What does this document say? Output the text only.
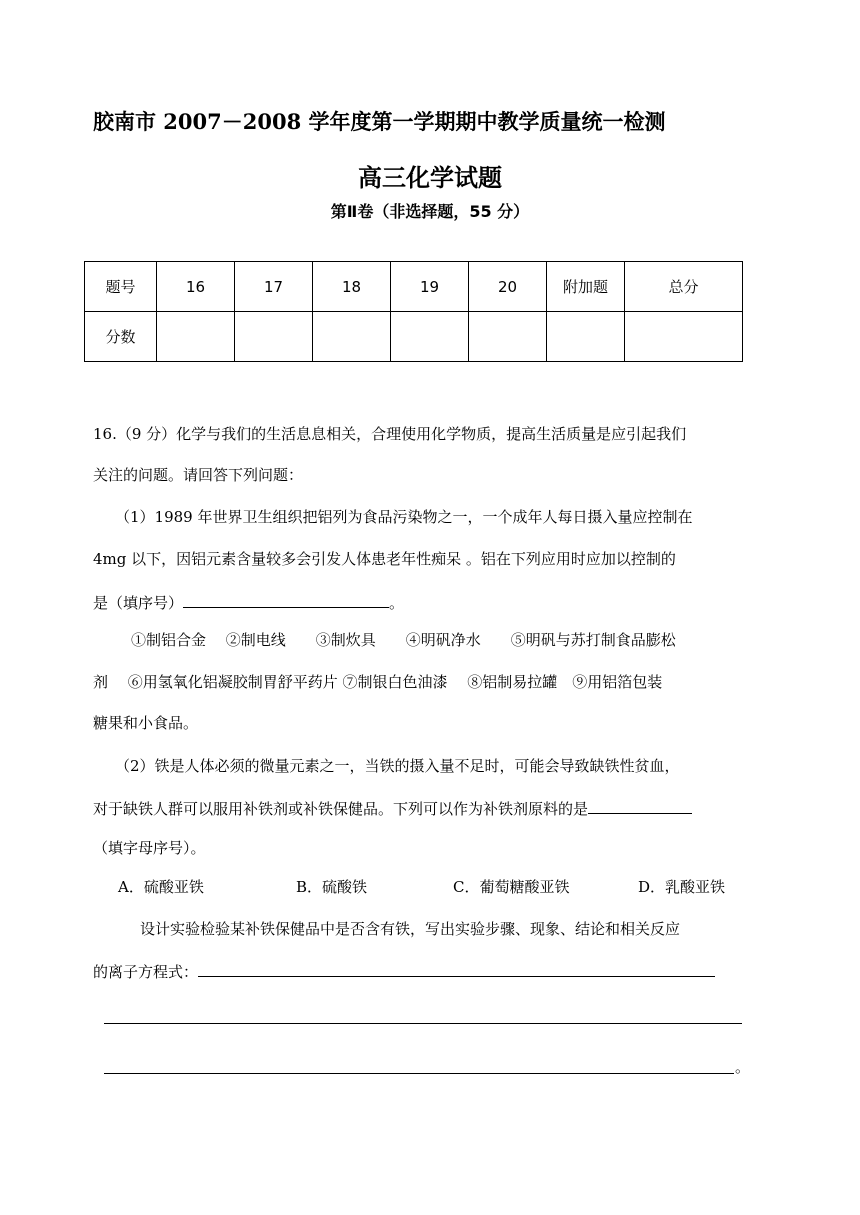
胶南市 2007－2008 学年度第一学期期中教学质量统一检测
高三化学试题
第Ⅱ卷（非选择题，55 分）
题号	16	17	18	19	20	附加题	总分
分数							
16.（9 分）化学与我们的生活息息相关，合理使用化学物质，提高生活质量是应引起我们
关注的问题。请回答下列问题：
（1）1989 年世界卫生组织把铝列为食品污染物之一，一个成年人每日摄入量应控制在
4mg 以下，因铝元素含量较多会引发人体患老年性痴呆 。铝在下列应用时应加以控制的
是（填序号）	。
①制铝合金　 ②制电线　　③制炊具　　④明矾净水　　⑤明矾与苏打制食品膨松
剂　 ⑥用氢氧化铝凝胶制胃舒平药片 ⑦制银白色油漆　 ⑧铝制易拉罐　⑨用铝箔包装
糖果和小食品。
（2）铁是人体必须的微量元素之一，当铁的摄入量不足时，可能会导致缺铁性贫血，
对于缺铁人群可以服用补铁剂或补铁保健品。下列可以作为补铁剂原料的是
（填字母序号）。
A．硫酸亚铁	B．硫酸铁	C．葡萄糖酸亚铁	D．乳酸亚铁
设计实验检验某补铁保健品中是否含有铁，写出实验步骤、现象、结论和相关反应
的离子方程式：
。
